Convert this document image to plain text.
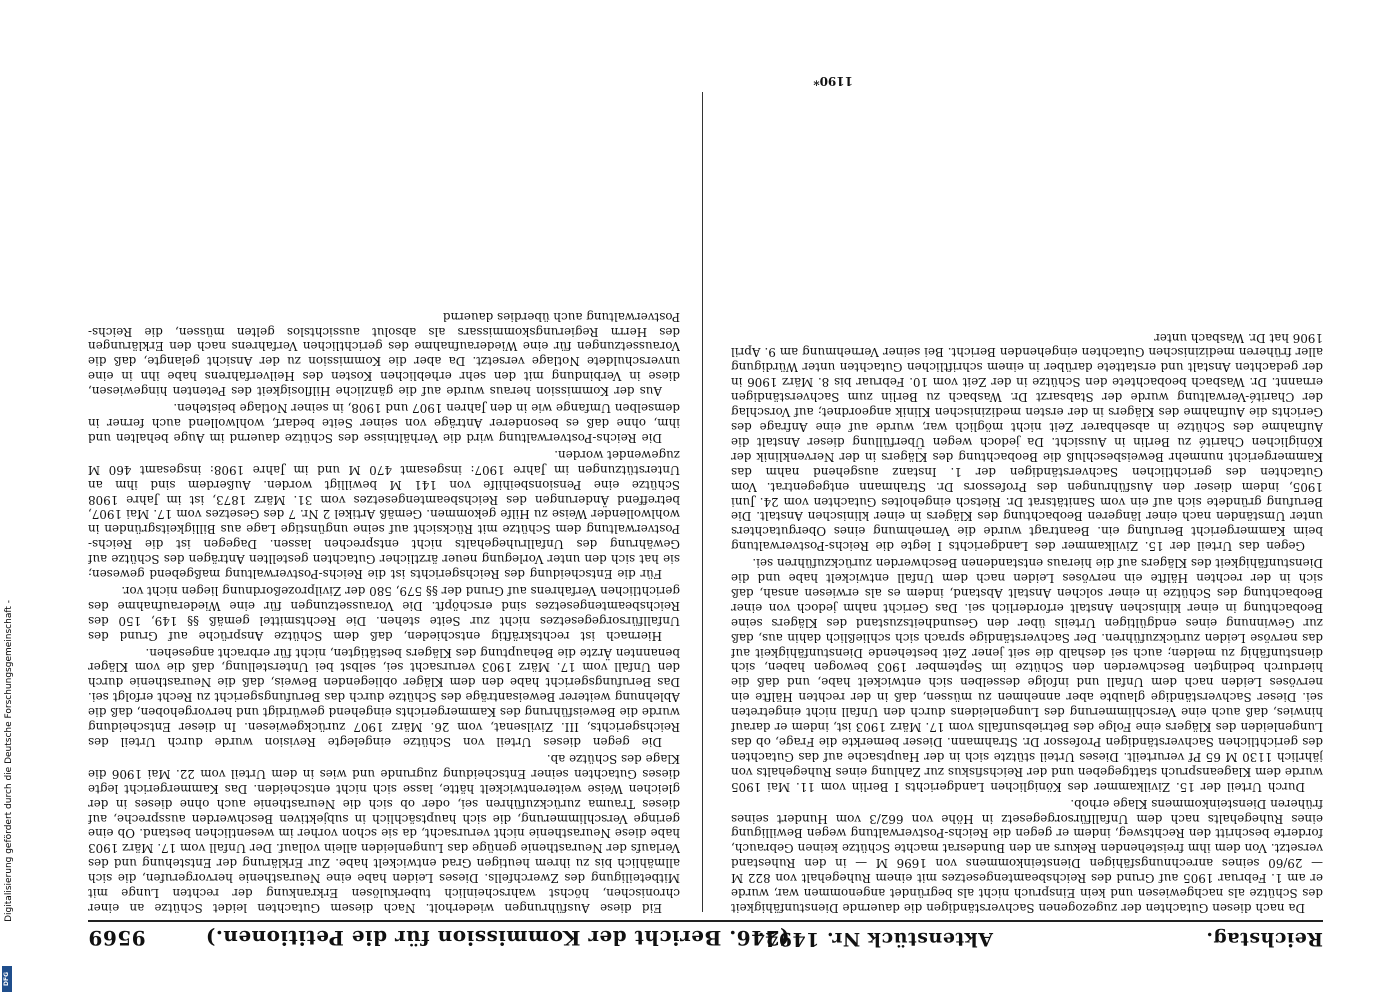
Reichstag.
Aktenstück Nr. 1494.
(246. Bericht der Kommission für die Petitionen.)        9569

Da nach diesen Gutachten der zugezogenen Sachverständigen die dauernde Dienstunfähigkeit des Schütze als nachgewiesen und kein Einspruch nicht als begründet angenommen war, wurde er am 1. Februar 1905 auf Grund des Reichsbeamtengesetzes mit einem Ruhegehalt von 822 M — 29/60 seines anrechnungsfähigen Diensteinkommens von 1696 M — in den Ruhestand versetzt. Von dem ihm freistehenden Rekurs an den Bundesrat machte Schütze keinen Gebrauch, forderte beschritt den Rechtsweg, indem er gegen die Reichs-Postverwaltung wegen Bewilligung eines Ruhegehalts nach dem Unfallfürsorgegesetz in Höhe von 662/3 vom Hundert seines früheren Diensteinkommens Klage erhob.

Durch Urteil der 15. Zivilkammer des Königlichen Landgerichts I Berlin vom 11. Mai 1905 wurde dem Klageanspruch stattgegeben und der Reichsfiskus zur Zahlung eines Ruhegehalts von jährlich 1130 M 65 Pf verurteilt. Dieses Urteil stützte sich in der Hauptsache auf das Gutachten des gerichtlichen Sachverständigen Professor Dr. Strahmann. Dieser bemerkte die Frage, ob das Lungenleiden des Klägers eine Folge des Betriebsunfalls vom 17. März 1903 ist, indem er darauf hinwies, daß auch eine Verschlimmerung des Lungenleidens durch den Unfall nicht eingetreten sei. Dieser Sachverständige glaubte aber annehmen zu müssen, daß in der rechten Hälfte ein nervöses Leiden nach dem Unfall und infolge desselben sich entwickelt habe, und daß die hierdurch bedingten Beschwerden den Schütze im September 1903 bewogen haben, sich dienstunfähig zu melden; auch sei deshalb die seit jener Zeit bestehende Dienstunfähigkeit auf das nervöse Leiden zurückzuführen. Der Sachverständige sprach sich schließlich dahin aus, daß zur Gewinnung eines endgültigen Urteils über den Gesundheitszustand des Klägers seine Beobachtung in einer klinischen Anstalt erforderlich sei. Das Gericht nahm jedoch von einer Beobachtung des Schütze in einer solchen Anstalt Abstand, indem es als erwiesen ansah, daß sich in der rechten Hälfte ein nervöses Leiden nach dem Unfall entwickelt habe und die Dienstunfähigkeit des Klägers auf die hieraus entstandenen Beschwerden zurückzuführen sei.

Gegen das Urteil der 15. Zivilkammer des Landgerichts I legte die Reichs-Postverwaltung beim Kammergericht Berufung ein. Beantragt wurde die Vernehmung eines Obergutachters unter Umständen nach einer längeren Beobachtung des Klägers in einer klinischen Anstalt. Die Berufung gründete sich auf ein vom Sanitätsrat Dr. Rietsch eingeholtes Gutachten vom 24. Juni 1905, indem dieser den Ausführungen des Professors Dr. Strahmann entgegentrat. Vom Gutachten des gerichtlichen Sachverständigen der 1. Instanz ausgehend nahm das Kammergericht nunmehr Beweisbeschluß die Beobachtung des Klägers in der Nervenklinik der Königlichen Charité zu Berlin in Aussicht. Da jedoch wegen Überfüllung dieser Anstalt die Aufnahme des Schütze in absehbarer Zeit nicht möglich war, wurde auf eine Anfrage des Gerichts die Aufnahme des Klägers in der ersten medizinischen Klinik angeordnet; auf Vorschlag der Charité-Verwaltung wurde der Stabsarzt Dr. Wasbach zu Berlin zum Sachverständigen ernannt. Dr. Wasbach beobachtete den Schütze in der Zeit vom 10. Februar bis 8. März 1906 in der gedachten Anstalt und erstattete darüber in einem schriftlichen Gutachten unter Würdigung aller früheren medizinischen Gutachten eingehenden Bericht. Bei seiner Vernehmung am 9. April 1906 hat Dr. Wasbach unter

Eid diese Ausführungen wiederholt. Nach diesem Gutachten leidet Schütze an einer chronischen, höchst wahrscheinlich tuberkulösen Erkrankung der rechten Lunge mit Mitbeteiligung des Zwerchfells. Dieses Leiden habe eine Neurasthenie hervorgerufen, die sich allmählich bis zu ihrem heutigen Grad entwickelt habe. Zur Erklärung der Entstehung und des Verlaufs der Neurasthenie genüge das Lungenleiden allein vollauf. Der Unfall vom 17. März 1903 habe diese Neurasthenie nicht verursacht, da sie schon vorher im wesentlichen bestand. Ob eine geringe Verschlimmerung, die sich hauptsächlich in subjektiven Beschwerden ausspreche, auf dieses Trauma zurückzuführen sei, oder ob sich die Neurasthenie auch ohne dieses in der gleichen Weise weiterentwickelt hätte, lasse sich nicht entscheiden. Das Kammergericht legte dieses Gutachten seiner Entscheidung zugrunde und wies in dem Urteil vom 22. Mai 1906 die Klage des Schütze ab.

Die gegen dieses Urteil von Schütze eingelegte Revision wurde durch Urteil des Reichsgerichts, III. Zivilsenat, vom 26. März 1907 zurückgewiesen. In dieser Entscheidung wurde die Beweisführung des Kammergerichts eingehend gewürdigt und hervorgehoben, daß die Ablehnung weiterer Beweisanträge des Schütze durch das Berufungsgericht zu Recht erfolgt sei. Das Berufungsgericht habe den dem Kläger obliegenden Beweis, daß die Neurasthenie durch den Unfall vom 17. März 1903 verursacht sei, selbst bei Unterstellung, daß die vom Kläger benannten Ärzte die Behauptung des Klägers bestätigten, nicht für erbracht angesehen.

Hiernach ist rechtskräftig entschieden, daß dem Schütze Ansprüche auf Grund des Unfallfürsorgegesetzes nicht zur Seite stehen. Die Rechtsmittel gemäß §§ 149, 150 des Reichsbeamtengesetzes sind erschöpft. Die Voraussetzungen für eine Wiederaufnahme des gerichtlichen Verfahrens auf Grund der §§ 579, 580 der Zivilprozeßordnung liegen nicht vor.

Für die Entscheidung des Reichsgerichts ist die Reichs-Postverwaltung maßgebend gewesen; sie hat sich den unter Vorlegung neuer ärztlicher Gutachten gestellten Anträgen des Schütze auf Gewährung des Unfallruhegehalts nicht entsprechen lassen. Dagegen ist die Reichs-Postverwaltung dem Schütze mit Rücksicht auf seine ungünstige Lage aus Billigkeitsgründen in wohlwollender Weise zu Hilfe gekommen. Gemäß Artikel 2 Nr. 7 des Gesetzes vom 17. Mai 1907, betreffend Änderungen des Reichsbeamtengesetzes vom 31. März 1873, ist im Jahre 1908 Schütze eine Pensionsbeihilfe von 141 M bewilligt worden. Außerdem sind ihm an Unterstützungen im Jahre 1907: insgesamt 470 M und im Jahre 1908: insgesamt 460 M zugewendet worden.

Die Reichs-Postverwaltung wird die Verhältnisse des Schütze dauernd im Auge behalten und ihm, ohne daß es besonderer Anträge von seiner Seite bedarf, wohlwollend auch ferner in demselben Umfange wie in den Jahren 1907 und 1908, in seiner Notlage beistehen.

Aus der Kommission heraus wurde auf die gänzliche Hilflosigkeit des Petenten hingewiesen, diese in Verbindung mit den sehr erheblichen Kosten des Heilverfahrens habe ihn in eine unverschuldete Notlage versetzt. Da aber die Kommission zu der Ansicht gelangte, daß die Voraussetzungen für eine Wiederaufnahme des gerichtlichen Verfahrens nach den Erklärungen des Herrn Regierungskommissars als absolut aussichtslos gelten müssen, die Reichs-Postverwaltung auch überdies dauernd

1190*
Digitalisierung gefördert durch die Deutsche Forschungsgemeinschaft -
DFG
